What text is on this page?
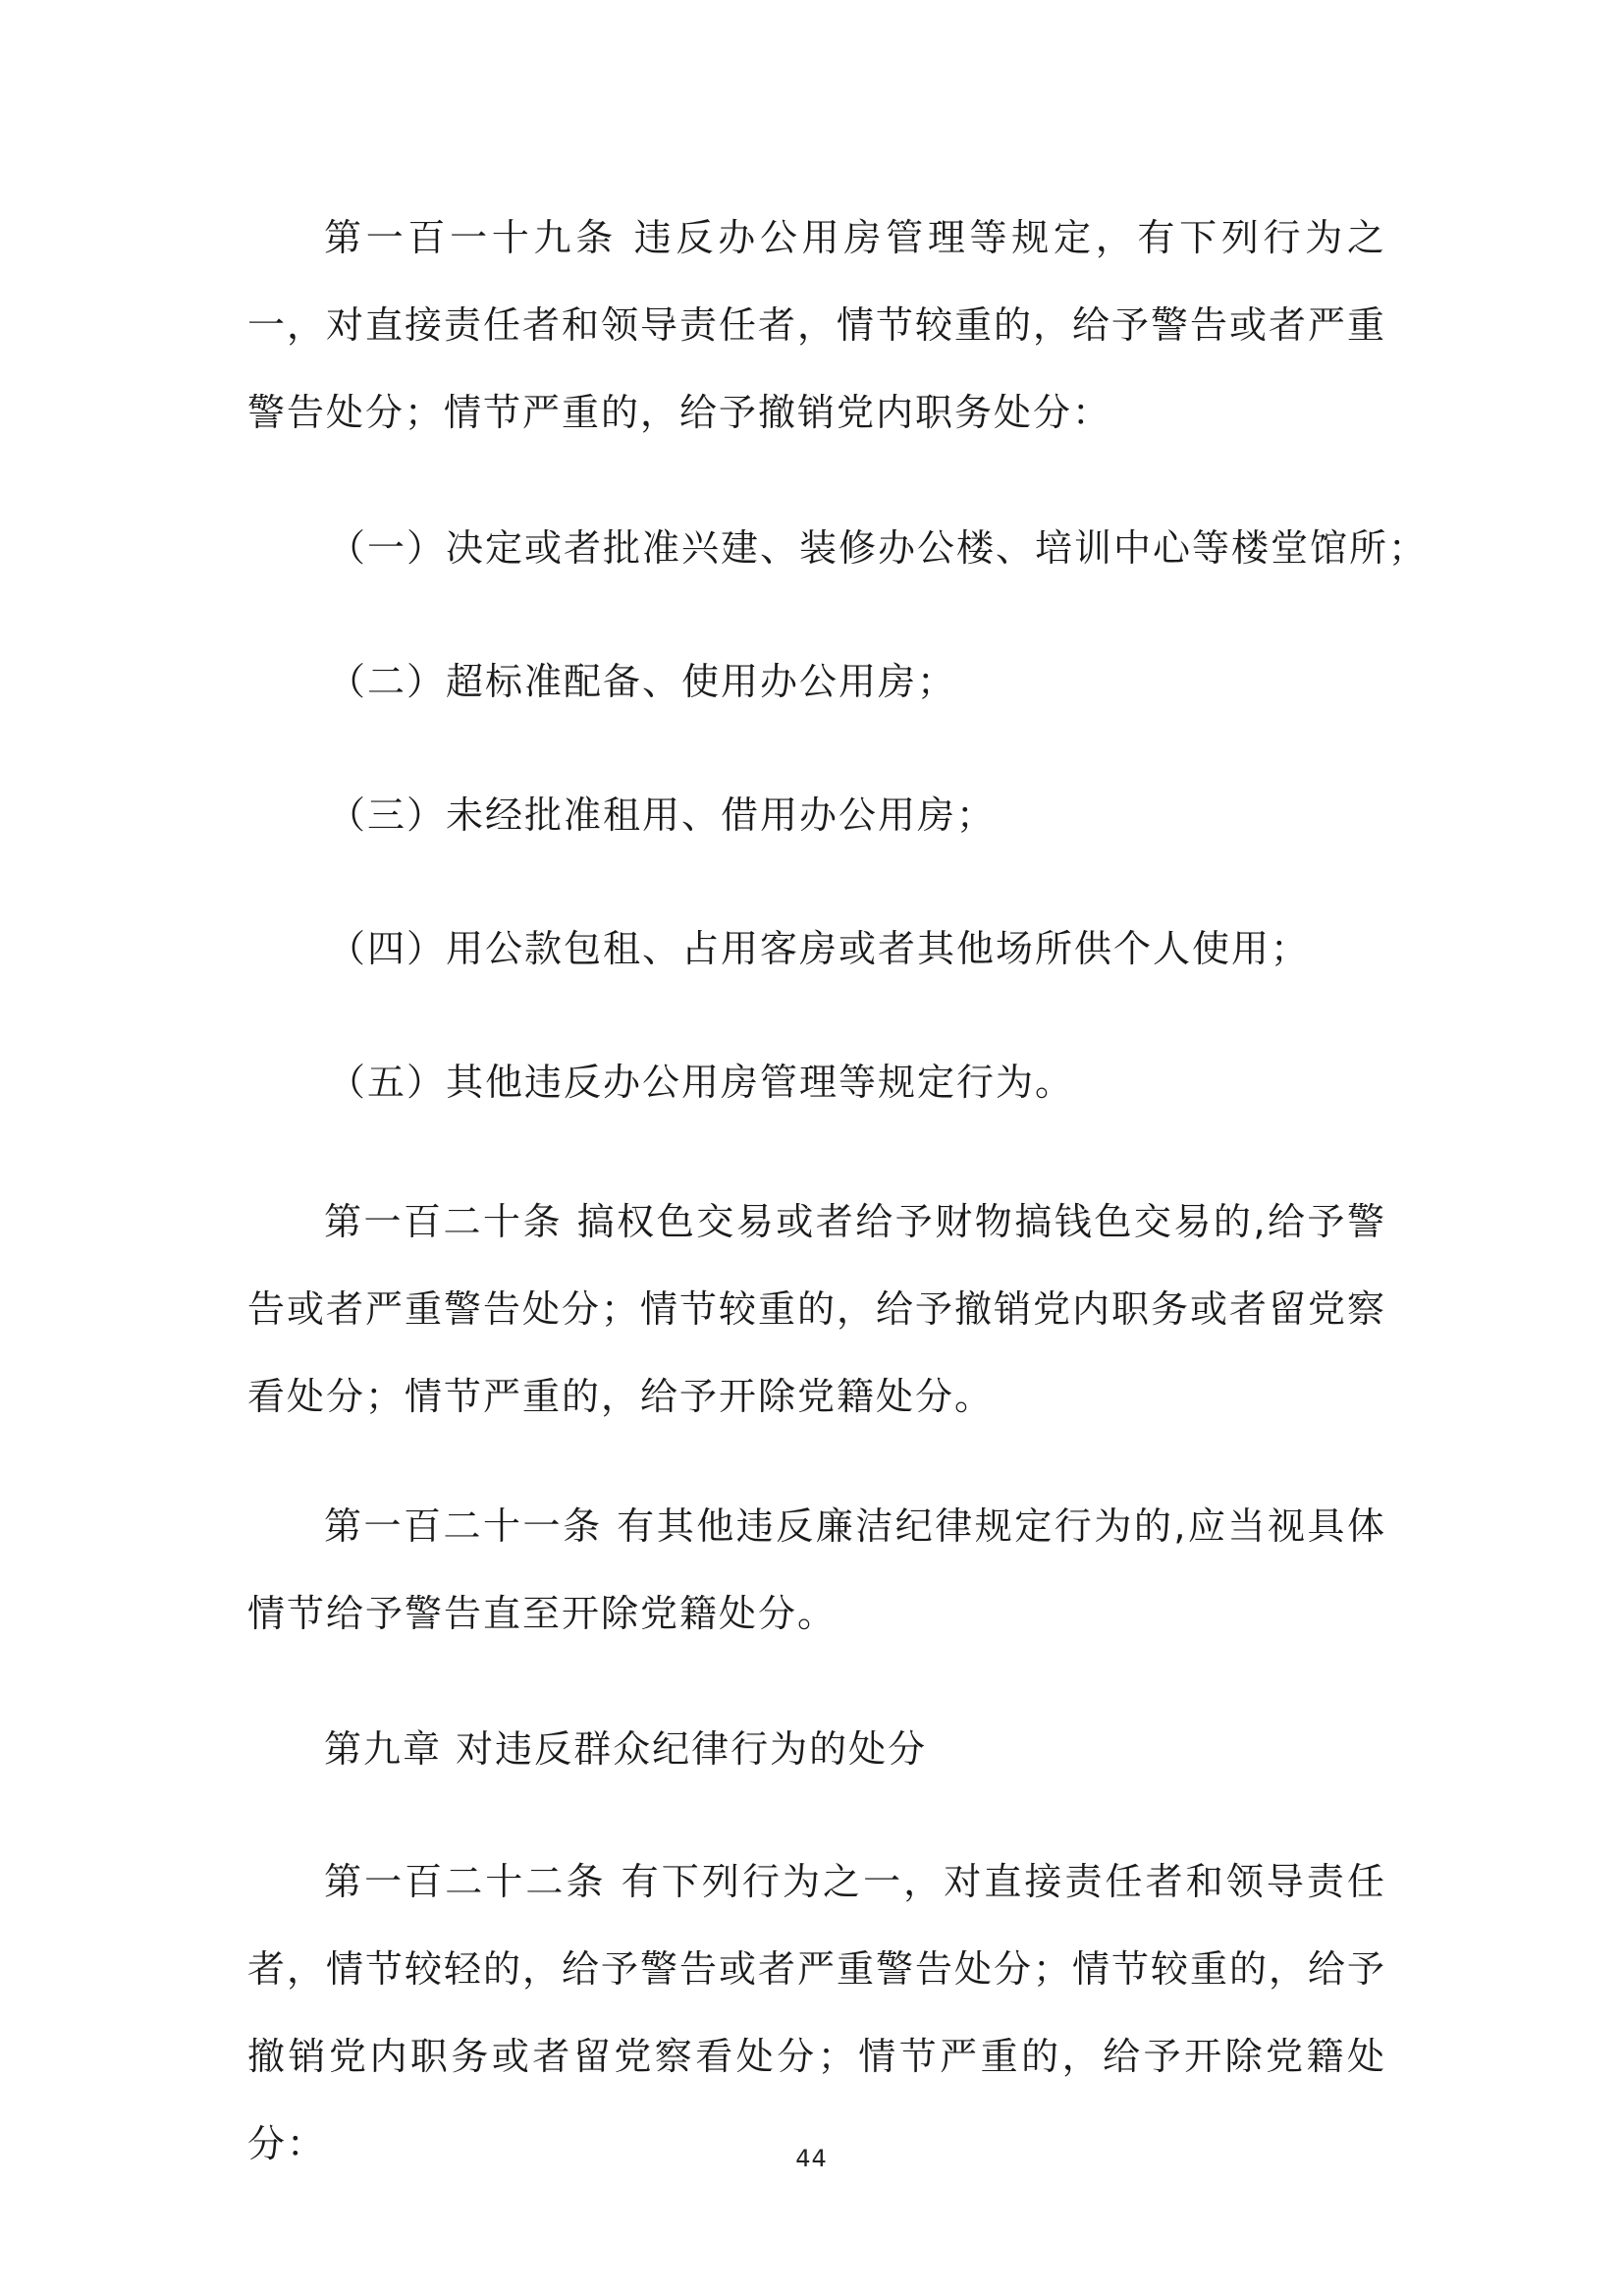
第一百一十九条 违反办公用房管理等规定，有下列行为之一，对直接责任者和领导责任者，情节较重的，给予警告或者严重警告处分；情节严重的，给予撤销党内职务处分：

（一）决定或者批准兴建、装修办公楼、培训中心等楼堂馆所；

（二）超标准配备、使用办公用房；

（三）未经批准租用、借用办公用房；

（四）用公款包租、占用客房或者其他场所供个人使用；

（五）其他违反办公用房管理等规定行为。

第一百二十条 搞权色交易或者给予财物搞钱色交易的,给予警告或者严重警告处分；情节较重的，给予撤销党内职务或者留党察看处分；情节严重的，给予开除党籍处分。

第一百二十一条 有其他违反廉洁纪律规定行为的,应当视具体情节给予警告直至开除党籍处分。

第九章 对违反群众纪律行为的处分

第一百二十二条 有下列行为之一，对直接责任者和领导责任者，情节较轻的，给予警告或者严重警告处分；情节较重的，给予撤销党内职务或者留党察看处分；情节严重的，给予开除党籍处分：	44
